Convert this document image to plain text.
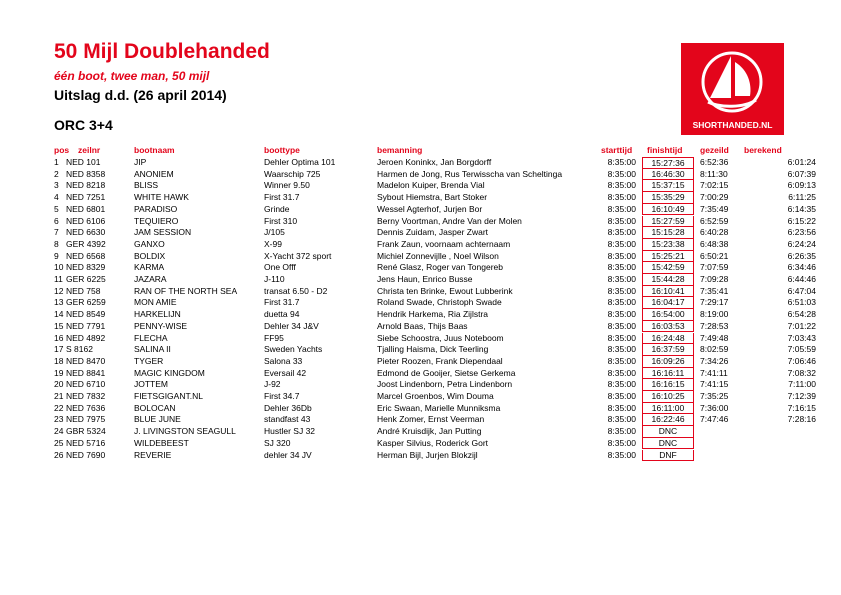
50 Mijl Doublehanded
één boot, twee man, 50 mijl
Uitslag d.d. (26 april 2014)
ORC 3+4	SHORTHANDED.NL
pos zeilnr	bootnaam	boottype	bemanning	starttijd finishtijd gezeild berekend
1 NED 101	JIP	Dehler Optima 101	Jeroen Koninkx, Jan Borgdorff	8:35:00	15:27:36	6:52:36	6:01:24
2 NED 8358	ANONIEM	Waarschip 725	Harmen de Jong, Rus Terwisscha van Scheltinga	8:35:00	16:46:30	8:11:30	6:07:39
3 NED 8218	BLISS	Winner 9.50	Madelon Kuiper, Brenda Vial	8:35:00	15:37:15	7:02:15	6:09:13
4 NED 7251	WHITE HAWK	First 31.7	Sybout Hiemstra, Bart Stoker	8:35:00	15:35:29	7:00:29	6:11:25
5 NED 6801	PARADISO	Grinde	Wessel Agterhof, Jurjen Bor	8:35:00	16:10:49	7:35:49	6:14:35
6 NED 6106	TEQUIERO	First 310	Berny Voortman, Andre Van der Molen	8:35:00	15:27:59	6:52:59	6:15:22
7 NED 6630	JAM SESSION	J/105	Dennis Zuidam, Jasper Zwart	8:35:00	15:15:28	6:40:28	6:23:56
8 GER 4392	GANXO	X-99	Frank Zaun, voornaam achternaam	8:35:00	15:23:38	6:48:38	6:24:24
9 NED 6568	BOLDIX	X-Yacht 372 sport	Michiel Zonnevijlle , Noel Wilson	8:35:00	15:25:21	6:50:21	6:26:35
10 NED 8329	KARMA	One Offf	René Glasz, Roger van Tongereb	8:35:00	15:42:59	7:07:59	6:34:46
11 GER 6225	JAZARA	J-110	Jens Haun, Enrico Busse	8:35:00	15:44:28	7:09:28	6:44:46
12 NED 758	RAN OF THE NORTH SEA	transat 6.50 - D2	Christa ten Brinke, Ewout Lubberink	8:35:00	16:10:41	7:35:41	6:47:04
13 GER 6259	MON AMIE	First 31.7	Roland Swade, Christoph Swade	8:35:00	16:04:17	7:29:17	6:51:03
14 NED 8549	HARKELIJN	duetta 94	Hendrik Harkema, Ria Zijlstra	8:35:00	16:54:00	8:19:00	6:54:28
15 NED 7791	PENNY-WISE	Dehler 34 J&V	Arnold Baas, Thijs Baas	8:35:00	16:03:53	7:28:53	7:01:22
16 NED 4892	FLECHA	FF95	Siebe Schoostra, Juus Noteboom	8:35:00	16:24:48	7:49:48	7:03:43
17 S 8162	SALINA II	Sweden Yachts	Tjalling Haisma, Dick Teerling	8:35:00	16:37:59	8:02:59	7:05:59
18 NED 8470	TYGER	Salona 33	Pieter Roozen, Frank Diependaal	8:35:00	16:09:26	7:34:26	7:06:46
19 NED 8841	MAGIC KINGDOM	Eversail 42	Edmond de Gooijer, Sietse Gerkema	8:35:00	16:16:11	7:41:11	7:08:32
20 NED 6710	JOTTEM	J-92	Joost Lindenborn, Petra Lindenborn	8:35:00	16:16:15	7:41:15	7:11:00
21 NED 7832	FIETSGIGANT.NL	First 34.7	Marcel Groenbos, Wim Douma	8:35:00	16:10:25	7:35:25	7:12:39
22 NED 7636	BOLOCAN	Dehler 36Db	Eric Swaan, Marielle Munniksma	8:35:00	16:11:00	7:36:00	7:16:15
23 NED 7975	BLUE JUNE	standfast 43	Henk Zomer, Ernst Veerman	8:35:00	16:22:46	7:47:46	7:28:16
24 GBR 5324	J. LIVINGSTON SEAGULL	Hustler SJ 32	André Kruisdijk, Jan Putting	8:35:00	DNC
25 NED 5716	WILDEBEEST	SJ 320	Kasper Silvius, Roderick Gort	8:35:00	DNC
26 NED 7690	REVERIE	dehler 34 JV	Herman Bijl, Jurjen Blokzijl	8:35:00	DNF
